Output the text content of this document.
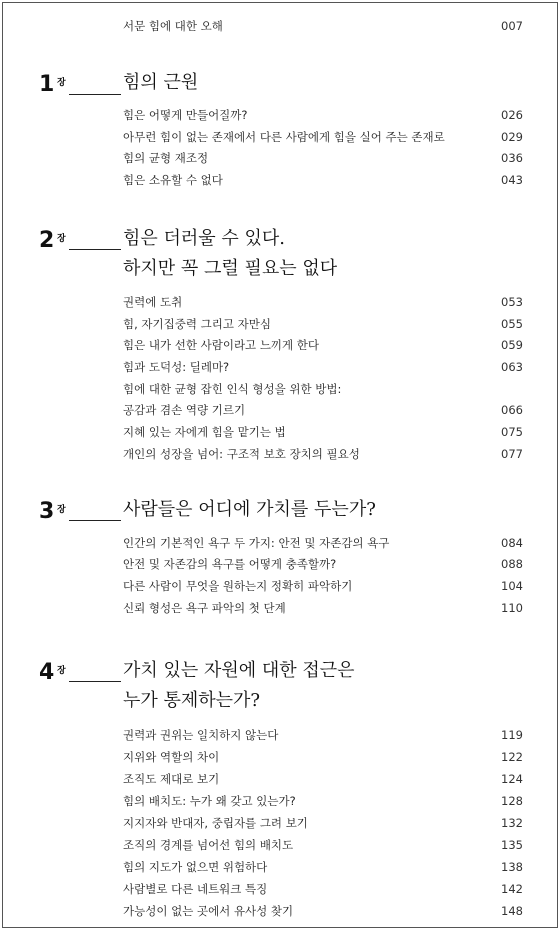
서문 힘에 대한 오해	007
1 장	힘의 근원
힘은 어떻게 만들어질까?	026
아무런 힘이 없는 존재에서 다른 사람에게 힘을 실어 주는 존재로	029
힘의 균형 재조정	036
힘은 소유할 수 없다	043
2 장	힘은 더러울 수 있다.
하지만 꼭 그럴 필요는 없다
권력에 도취	053
힘, 자기집중력 그리고 자만심	055
힘은 내가 선한 사람이라고 느끼게 한다	059
힘과 도덕성: 딜레마?	063
힘에 대한 균형 잡힌 인식 형성을 위한 방법:
공감과 겸손 역량 기르기	066
지혜 있는 자에게 힘을 맡기는 법	075
개인의 성장을 넘어: 구조적 보호 장치의 필요성	077
3 장	사람들은 어디에 가치를 두는가?
인간의 기본적인 욕구 두 가지: 안전 및 자존감의 욕구	084
안전 및 자존감의 욕구를 어떻게 충족할까?	088
다른 사람이 무엇을 원하는지 정확히 파악하기	104
신뢰 형성은 욕구 파악의 첫 단계	110
4 장	가치 있는 자원에 대한 접근은
누가 통제하는가?
권력과 권위는 일치하지 않는다	119
지위와 역할의 차이	122
조직도 제대로 보기	124
힘의 배치도: 누가 왜 갖고 있는가?	128
지지자와 반대자, 중립자를 그려 보기	132
조직의 경계를 넘어선 힘의 배치도	135
힘의 지도가 없으면 위험하다	138
사람별로 다른 네트워크 특징	142
가능성이 없는 곳에서 유사성 찾기	148
